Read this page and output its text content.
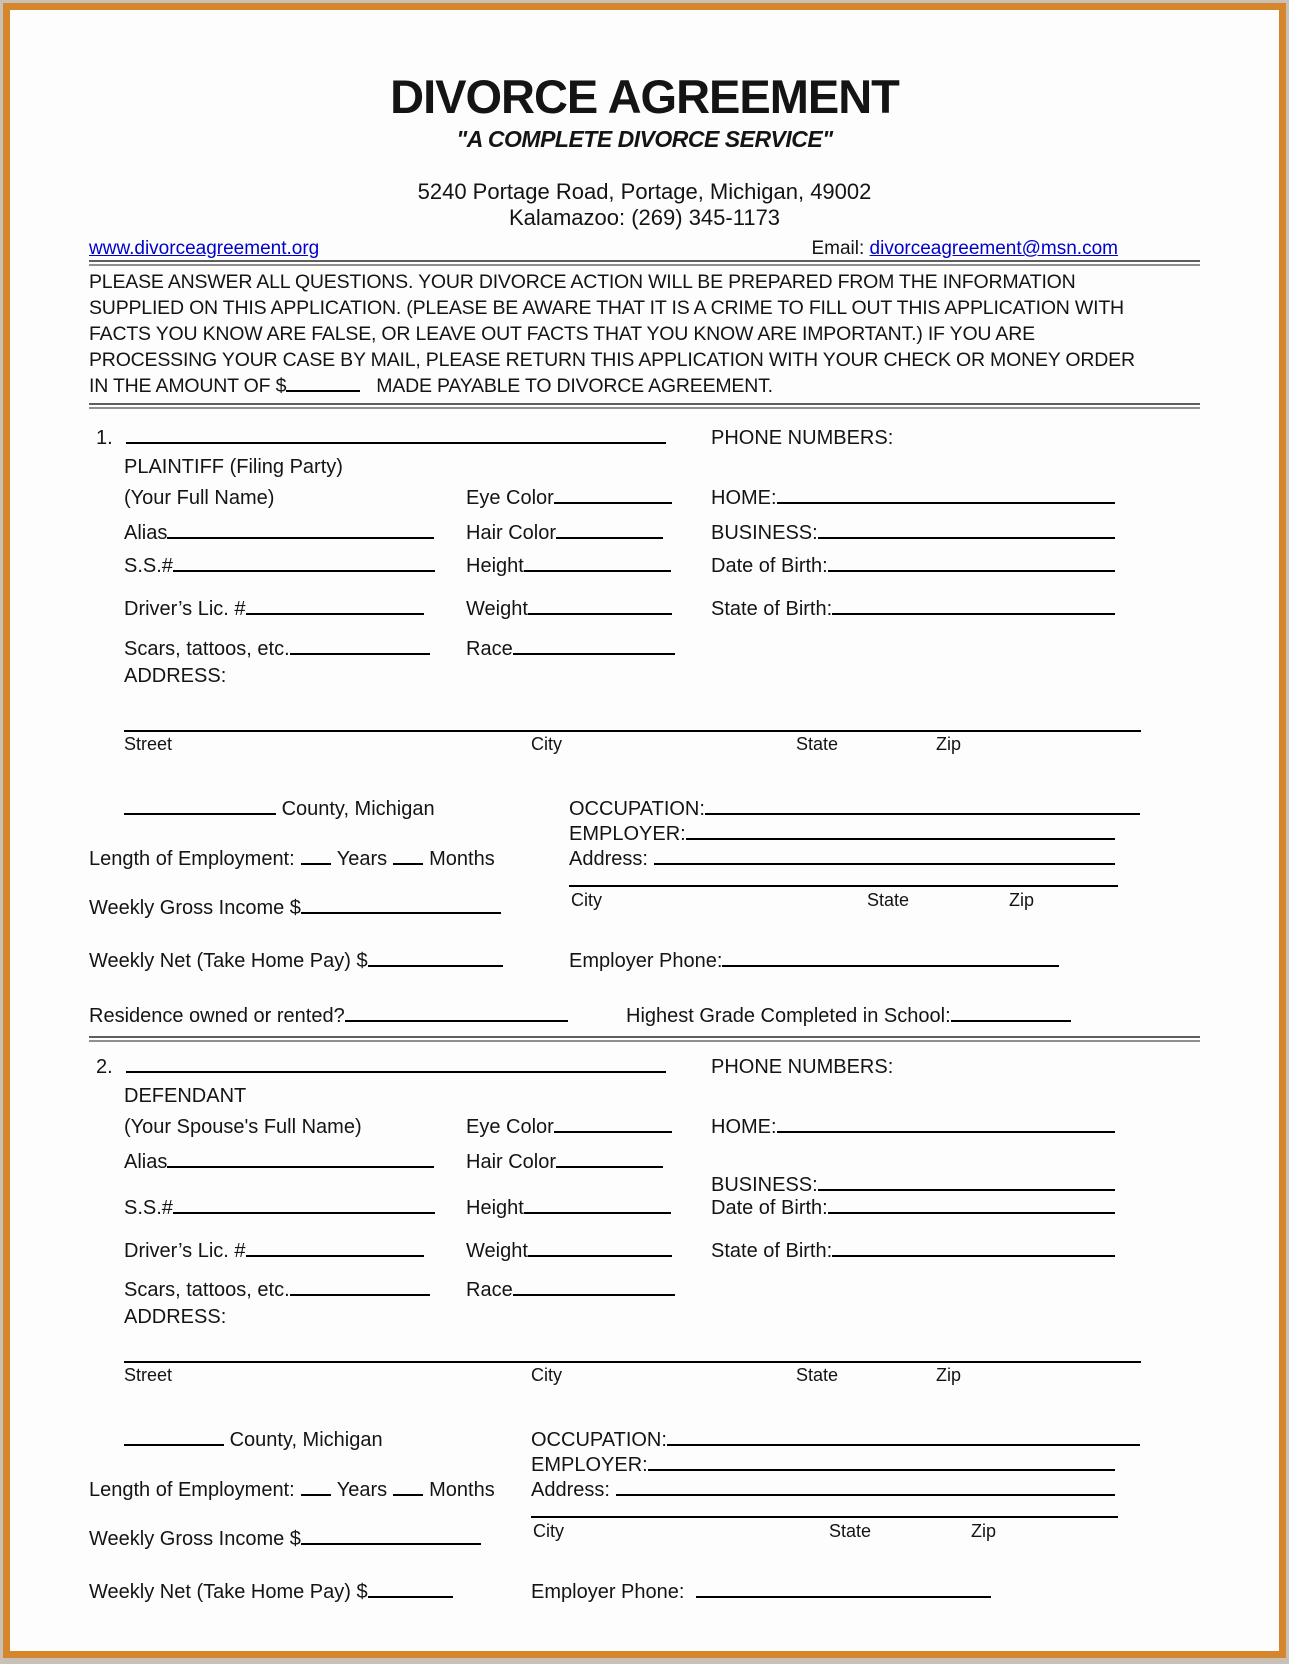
DIVORCE AGREEMENT
"A COMPLETE DIVORCE SERVICE"
5240 Portage Road, Portage, Michigan, 49002
Kalamazoo: (269) 345-1173
www.divorceagreement.org	Email: divorceagreement@msn.com
PLEASE ANSWER ALL QUESTIONS. YOUR DIVORCE ACTION WILL BE PREPARED FROM THE INFORMATION SUPPLIED ON THIS APPLICATION. (PLEASE BE AWARE THAT IT IS A CRIME TO FILL OUT THIS APPLICATION WITH FACTS YOU KNOW ARE FALSE, OR LEAVE OUT FACTS THAT YOU KNOW ARE IMPORTANT.) IF YOU ARE PROCESSING YOUR CASE BY MAIL, PLEASE RETURN THIS APPLICATION WITH YOUR CHECK OR MONEY ORDER IN THE AMOUNT OF $	MADE PAYABLE TO DIVORCE AGREEMENT.
1.	PHONE NUMBERS:
PLAINTIFF (Filing Party)
(Your Full Name)	Eye Color	HOME:
Alias	Hair Color	BUSINESS:
S.S.#	Height	Date of Birth:
Driver’s Lic. #	Weight	State of Birth:
Scars, tattoos, etc.	Race
ADDRESS:
Street	City	State	Zip
County, Michigan	OCCUPATION:
EMPLOYER:
Length of Employment: Years Months	Address:

Weekly Gross Income $	City	State	Zip
Weekly Net (Take Home Pay) $	Employer Phone:
Residence owned or rented?	Highest Grade Completed in School:
2.	PHONE NUMBERS:
DEFENDANT
(Your Spouse's Full Name)	Eye Color	HOME:
Alias	Hair Color
BUSINESS:
S.S.#	Height	Date of Birth:
Driver’s Lic. #	Weight	State of Birth:
Scars, tattoos, etc.	Race
ADDRESS:
Street	City	State	Zip
County, Michigan	OCCUPATION:
EMPLOYER:
Length of Employment: Years Months	Address:

Weekly Gross Income $	City	State	Zip
Weekly Net (Take Home Pay) $	Employer Phone:
